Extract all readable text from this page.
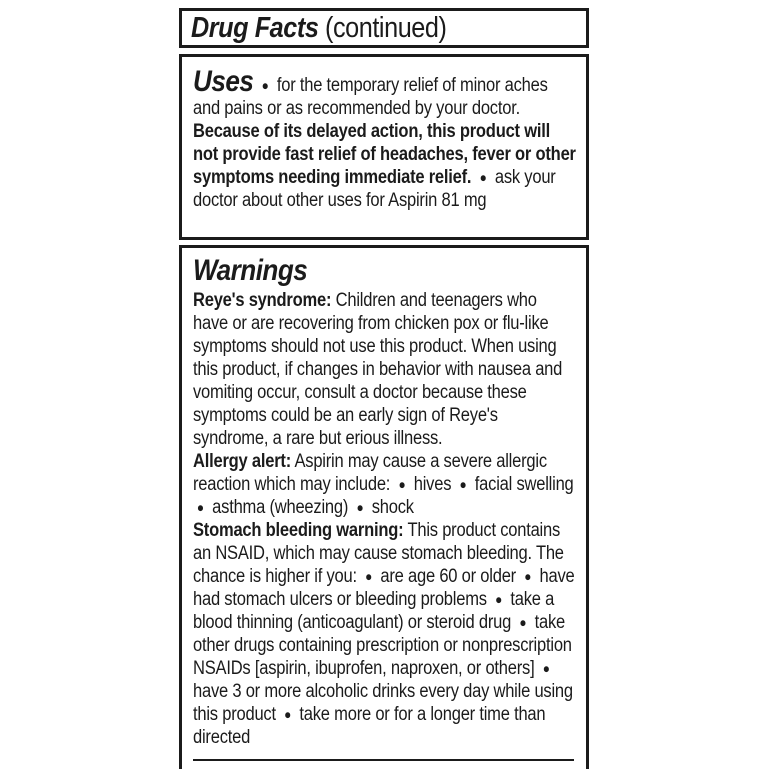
Drug Facts (continued)

Uses ● for the temporary relief of minor aches and pains or as recommended by your doctor. Because of its delayed action, this product will not provide fast relief of headaches, fever or other symptoms needing immediate relief. ● ask your doctor about other uses for Aspirin 81 mg

Warnings

Reye's syndrome: Children and teenagers who have or are recovering from chicken pox or flu-like symptoms should not use this product. When using this product, if changes in behavior with nausea and vomiting occur, consult a doctor because these symptoms could be an early sign of Reye's syndrome, a rare but erious illness.

Allergy alert: Aspirin may cause a severe allergic reaction which may include: ● hives ● facial swelling ● asthma (wheezing) ● shock

Stomach bleeding warning: This product contains an NSAID, which may cause stomach bleeding. The chance is higher if you: ● are age 60 or older ● have had stomach ulcers or bleeding problems ● take a blood thinning (anticoagulant) or steroid drug ● take other drugs containing prescription or nonprescription NSAIDs [aspirin, ibuprofen, naproxen, or others] ● have 3 or more alcoholic drinks every day while using this product ● take more or for a longer time than directed
